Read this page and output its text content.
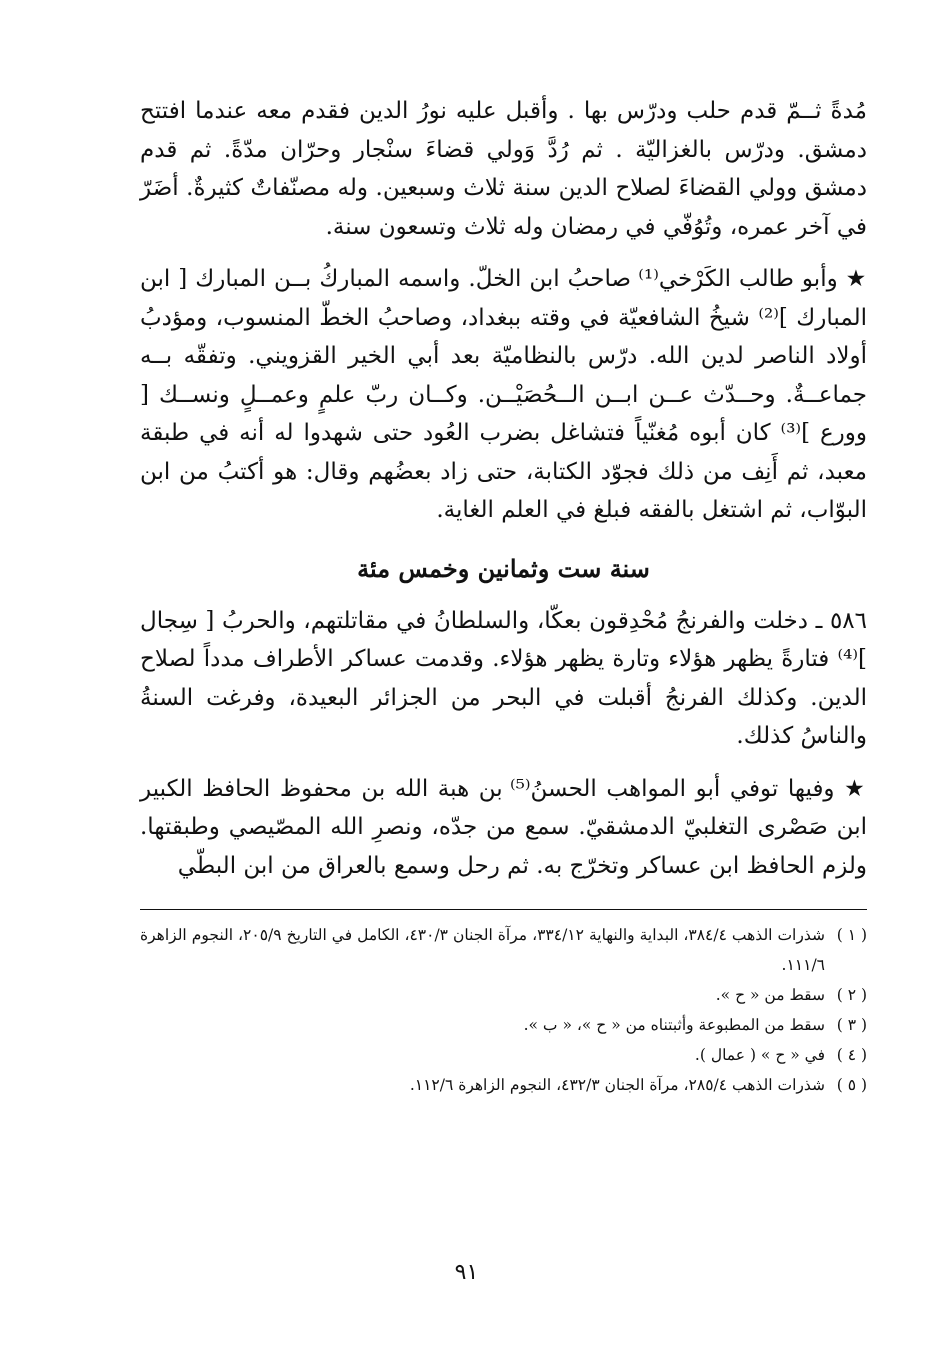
مُدةً ثــمّ قدم حلب ودرّس بها . وأقبل عليه نورُ الدين فقدم معه عندما افتتح دمشق. ودرّس بالغزاليّة . ثم رُدَّ وَولي قضاءَ سنْجار وحرّان مدّةً. ثم قدم دمشق وولي القضاءَ لصلاح الدين سنة ثلاث وسبعين. وله مصنّفاتٌ كثيرةٌ. أضَرّ في آخر عمره، وتُوُفّي في رمضان وله ثلاث وتسعون سنة.

★ وأبو طالب الكَرْخي⁽¹⁾ صاحبُ ابن الخلّ. واسمه المباركُ بــن المبارك [ ابن المبارك ]⁽²⁾ شيخُ الشافعيّة في وقته ببغداد، وصاحبُ الخطّ المنسوب، ومؤدبُ أولاد الناصر لدين الله. درّس بالنظاميّة بعد أبي الخير القزويني. وتفقّه بــه جماعــةٌ. وحــدّث عــن ابــن الــحُصَيْــن. وكــان ربّ علمٍ وعمــلٍ ونســك [ وورع ]⁽³⁾ كان أبوه مُغنّياً فتشاغل بضرب العُود حتى شهدوا له أنه في طبقة معبد، ثم أَنِف من ذلك فجوّد الكتابة، حتى زاد بعضُهم وقال: هو أكتبُ من ابن البوّاب، ثم اشتغل بالفقه فبلغ في العلم الغاية.

سنة ست وثمانين وخمس مئة

٥٨٦ ـ دخلت والفرنجُ مُحْدِقون بعكّا، والسلطانُ في مقاتلتهم، والحربُ [ سِجال ]⁽⁴⁾ فتارةً يظهر هؤلاء وتارة يظهر هؤلاء. وقدمت عساكر الأطراف مدداً لصلاح الدين. وكذلك الفرنجُ أقبلت في البحر من الجزائر البعيدة، وفرغت السنةُ والناسُ كذلك.

★ وفيها توفي أبو المواهب الحسنُ⁽⁵⁾ بن هبة الله بن محفوظ الحافظ الكبير ابن صَصْرى التغلبيّ الدمشقيّ. سمع من جدّه، ونصرِ الله المصّيصي وطبقتها. ولزم الحافظ ابن عساكر وتخرّج به. ثم رحل وسمع بالعراق من ابن البطّي

( ١ )
شذرات الذهب ٣٨٤/٤، البداية والنهاية ٣٣٤/١٢، مرآة الجنان ٤٣٠/٣، الكامل في التاريخ ٢٠٥/٩، النجوم الزاهرة ١١١/٦.

( ٢ )
سقط من « ح ».

( ٣ )
سقط من المطبوعة وأثبتناه من « ح »، « ب ».

( ٤ )
في « ح » ( عمال ).

( ٥ )
شذرات الذهب ٢٨٥/٤، مرآة الجنان ٤٣٢/٣، النجوم الزاهرة ١١٢/٦.

٩١
